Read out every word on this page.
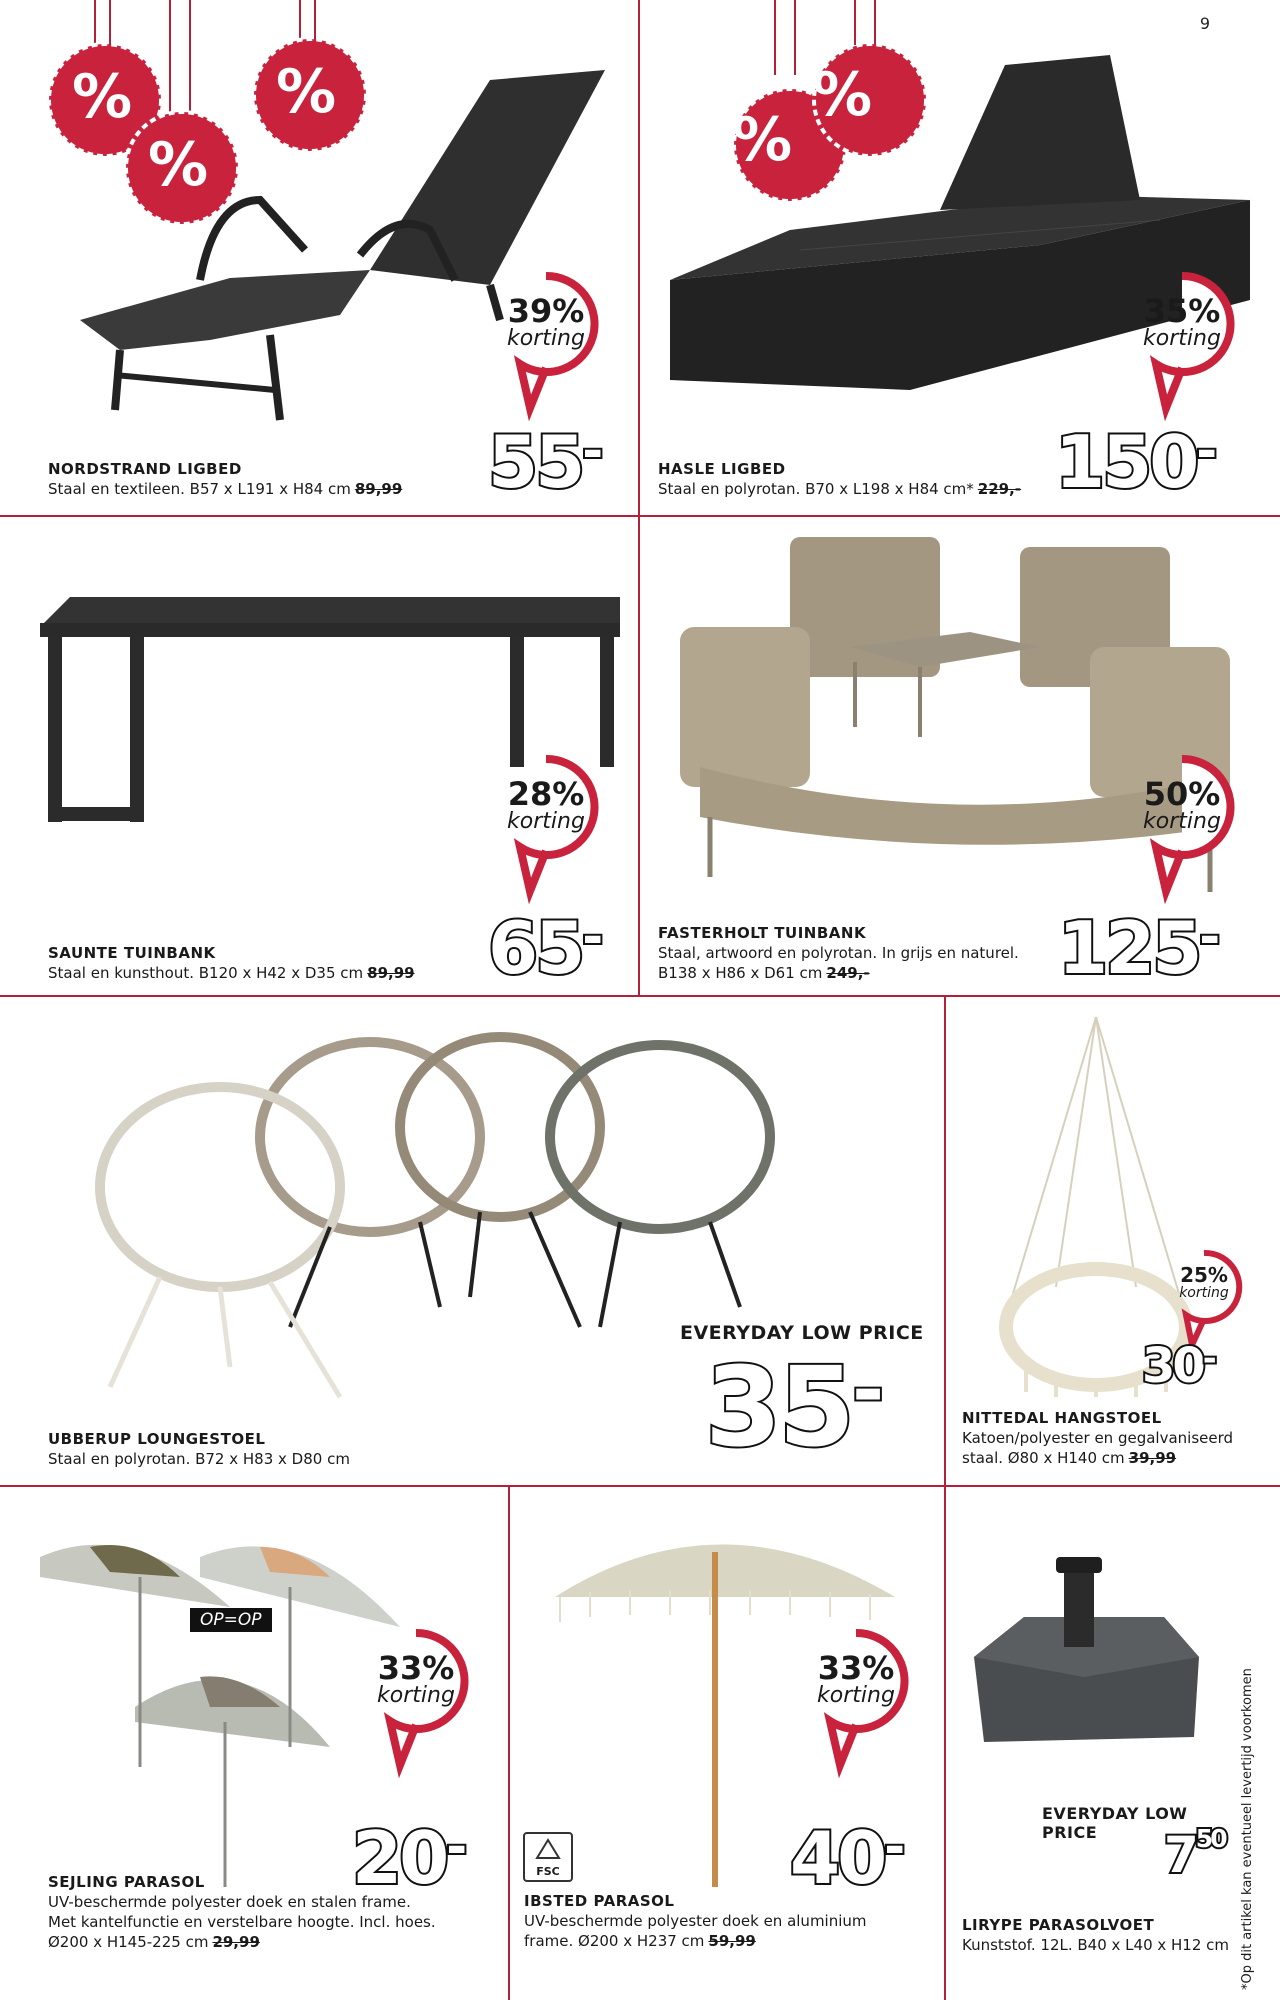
9
%
%
%
39%
korting
55-
NORDSTRAND LIGBED
Staal en textileen. B57 x L191 x H84 cm 89,99
%
%
35%
korting
150-
HASLE LIGBED
Staal en polyrotan. B70 x L198 x H84 cm* 229,-
28%
korting
65-
SAUNTE TUINBANK
Staal en kunsthout. B120 x H42 x D35 cm 89,99
50%
korting
125-
FASTERHOLT TUINBANK
Staal, artwoord en polyrotan. In grijs en naturel.
B138 x H86 x D61 cm 249,-
EVERYDAY LOW PRICE
35-
UBBERUP LOUNGESTOEL
Staal en polyrotan. B72 x H83 x D80 cm
25%
korting
30-
NITTEDAL HANGSTOEL
Katoen/polyester en gegalvaniseerd
staal. Ø80 x H140 cm 39,99
OP=OP
33%
korting
20-
SEJLING PARASOL
UV-beschermde polyester doek en stalen frame.
Met kantelfunctie en verstelbare hoogte. Incl. hoes.
Ø200 x H145-225 cm 29,99
33%
korting
FSC	40-
IBSTED PARASOL
UV-beschermde polyester doek en aluminium
frame. Ø200 x H237 cm 59,99
EVERYDAY LOW PRICE	$7^{50}$
LIRYPE PARASOLVOET
Kunststof. 12L. B40 x L40 x H12 cm *Op dit artikel kan eventueel levertijd voorkomen
